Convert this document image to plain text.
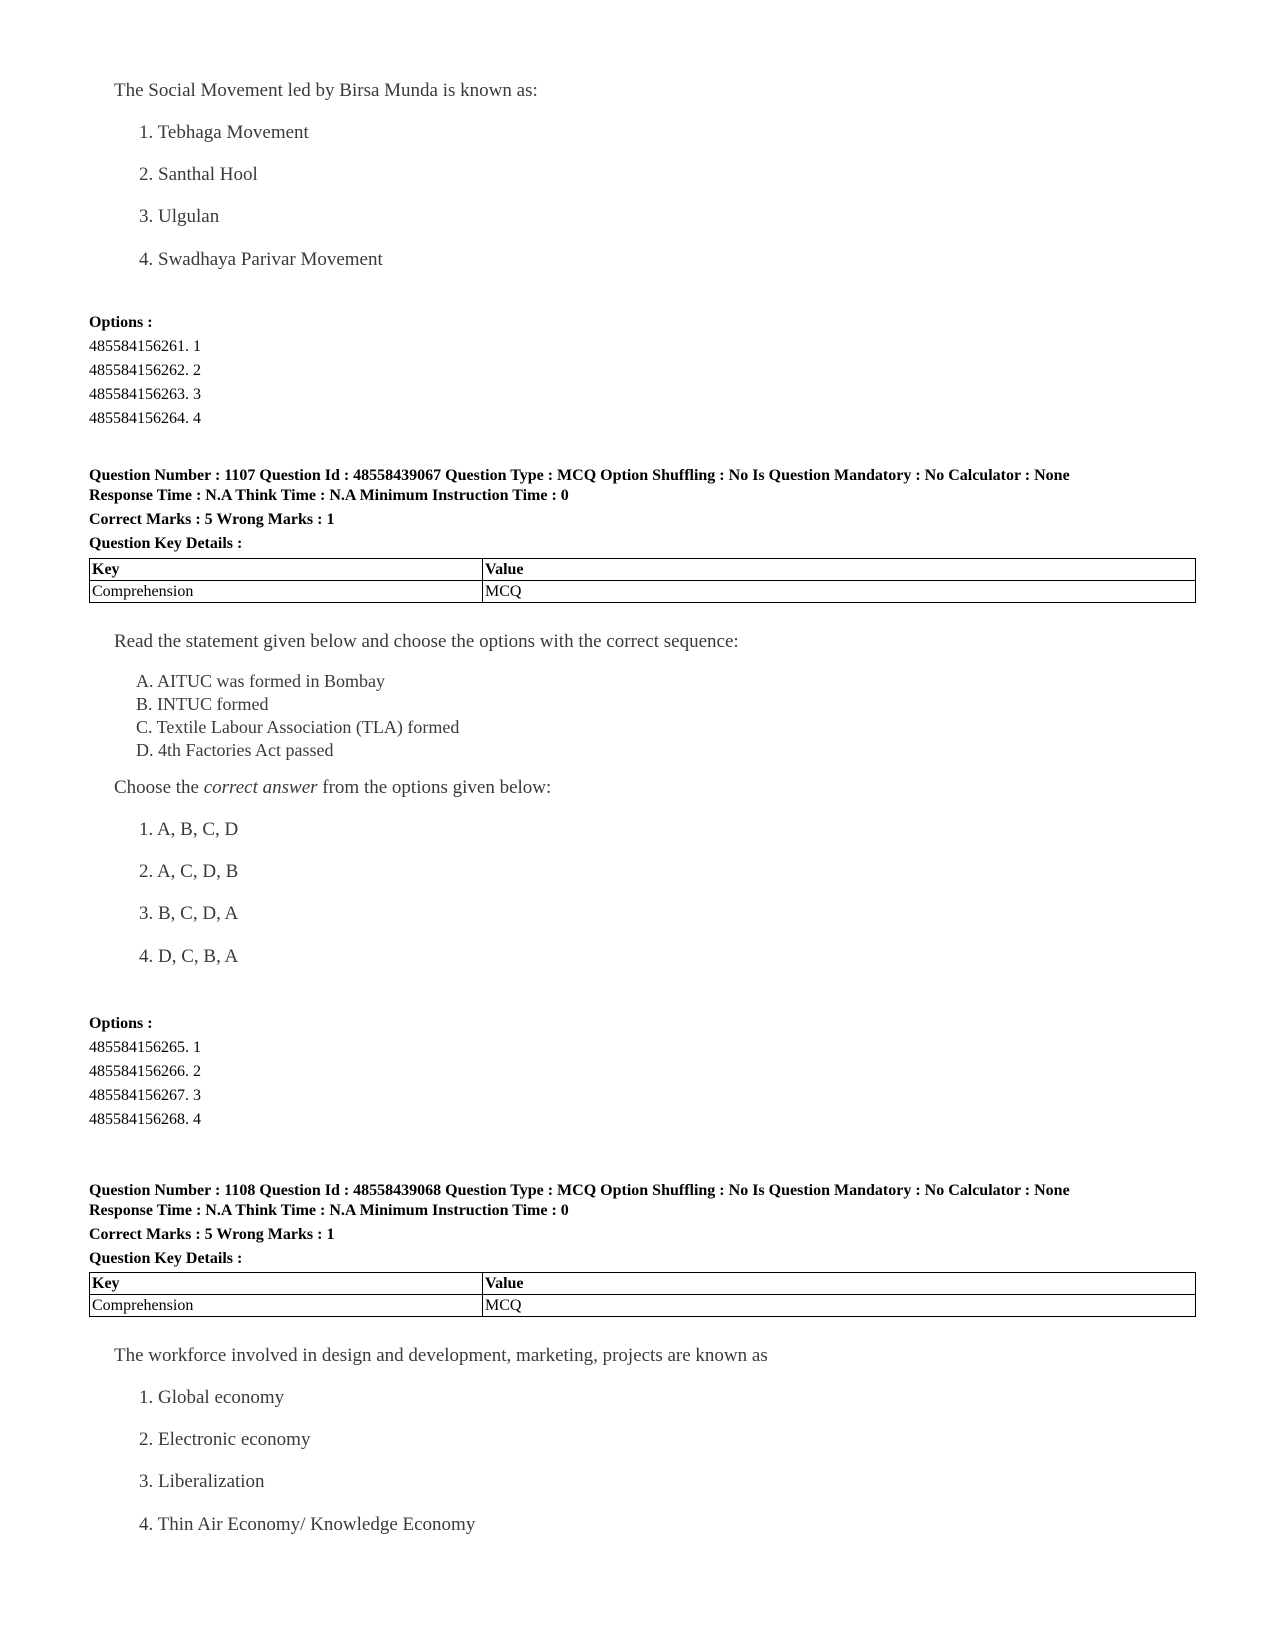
The Social Movement led by Birsa Munda is known as:

1. Tebhaga Movement
2. Santhal Hool
3. Ulgulan
4. Swadhaya Parivar Movement
Options :
485584156261. 1
485584156262. 2
485584156263. 3
485584156264. 4
Question Number : 1107 Question Id : 48558439067 Question Type : MCQ Option Shuffling : No Is Question Mandatory : No Calculator : None
Response Time : N.A Think Time : N.A Minimum Instruction Time : 0
Correct Marks : 5 Wrong Marks : 1
Question Key Details :
Key	Value
Comprehension	MCQ

Read the statement given below and choose the options with the correct sequence:

A. AITUC was formed in Bombay
B. INTUC formed
C. Textile Labour Association (TLA) formed
D. 4th Factories Act passed

Choose the correct answer from the options given below:

1. A, B, C, D
2. A, C, D, B
3. B, C, D, A
4. D, C, B, A
Options :
485584156265. 1
485584156266. 2
485584156267. 3
485584156268. 4
Question Number : 1108 Question Id : 48558439068 Question Type : MCQ Option Shuffling : No Is Question Mandatory : No Calculator : None
Response Time : N.A Think Time : N.A Minimum Instruction Time : 0
Correct Marks : 5 Wrong Marks : 1
Question Key Details :
Key	Value
Comprehension	MCQ

The workforce involved in design and development, marketing, projects are known as

1. Global economy
2. Electronic economy
3. Liberalization
4. Thin Air Economy/ Knowledge Economy
